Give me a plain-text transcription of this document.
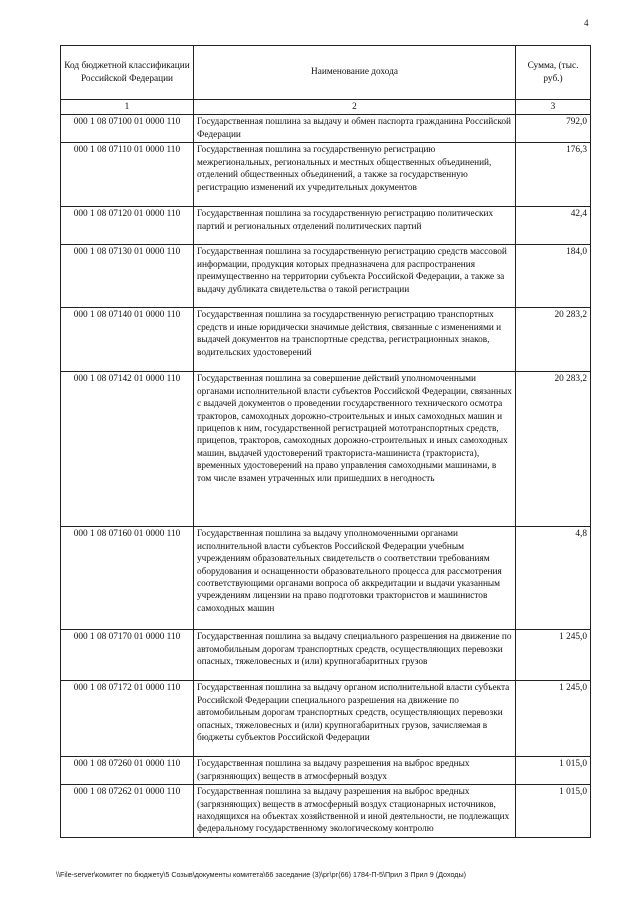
4
Код бюджетной классификации Российской Федерации	Наименование дохода	Сумма, (тыс. руб.)
1	2	3
000 1 08 07100 01 0000 110	Государственная пошлина за выдачу и обмен паспорта гражданина Российской Федерации	792,0
000 1 08 07110 01 0000 110	Государственная пошлина за государственную регистрацию межрегиональных, региональных и местных общественных объединений, отделений общественных объединений, а также за государственную регистрацию изменений их учредительных документов	176,3
000 1 08 07120 01 0000 110	Государственная пошлина за государственную регистрацию политических партий и региональных отделений политических партий	42,4
000 1 08 07130 01 0000 110	Государственная пошлина за государственную регистрацию средств массовой информации, продукция которых предназначена для распространения преимущественно на территории субъекта Российской Федерации, а также за выдачу дубликата свидетельства о такой регистрации	184,0
000 1 08 07140 01 0000 110	Государственная пошлина за государственную регистрацию транспортных средств и иные юридически значимые действия, связанные с изменениями и выдачей документов на транспортные средства, регистрационных знаков, водительских удостоверений	20 283,2
000 1 08 07142 01 0000 110	Государственная пошлина за совершение действий уполномоченными органами исполнительной власти субъектов Российской Федерации, связанных с выдачей документов о проведении государственного технического осмотра тракторов, самоходных дорожно-строительных и иных самоходных машин и прицепов к ним, государственной регистрацией мототранспортных средств, прицепов, тракторов, самоходных дорожно-строительных и иных самоходных машин, выдачей удостоверений тракториста-машиниста (тракториста), временных удостоверений на право управления самоходными машинами, в том числе взамен утраченных или пришедших в негодность	20 283,2
000 1 08 07160 01 0000 110	Государственная пошлина за выдачу уполномоченными органами исполнительной власти субъектов Российской Федерации учебным учреждениям образовательных свидетельств о соответствии требованиям оборудования и оснащенности образовательного процесса для рассмотрения соответствующими органами вопроса об аккредитации и выдачи указанным учреждениям лицензии на право подготовки трактористов и машинистов самоходных машин	4,8
000 1 08 07170 01 0000 110	Государственная пошлина за выдачу специального разрешения на движение по автомобильным дорогам транспортных средств, осуществляющих перевозки опасных, тяжеловесных и (или) крупногабаритных грузов	1 245,0
000 1 08 07172 01 0000 110	Государственная пошлина за выдачу органом исполнительной власти субъекта Российской Федерации специального разрешения на движение по автомобильным дорогам транспортных средств, осуществляющих перевозки опасных, тяжеловесных и (или) крупногабаритных грузов, зачисляемая в бюджеты субъектов Российской Федерации	1 245,0
000 1 08 07260 01 0000 110	Государственная пошлина за выдачу разрешения на выброс вредных (загрязняющих) веществ в атмосферный воздух	1 015,0
000 1 08 07262 01 0000 110	Государственная пошлина за выдачу разрешения на выброс вредных (загрязняющих) веществ в атмосферный воздух стационарных источников, находящихся на объектах хозяйственной и иной деятельности, не подлежащих федеральному государственному экологическому контролю	1 015,0
\\File-server\комитет по бюджету\5 Созыв\документы комитета\66 заседание (3)\рг\рг(66) 1784-П-5\Прил 3 Прил 9 (Доходы)
